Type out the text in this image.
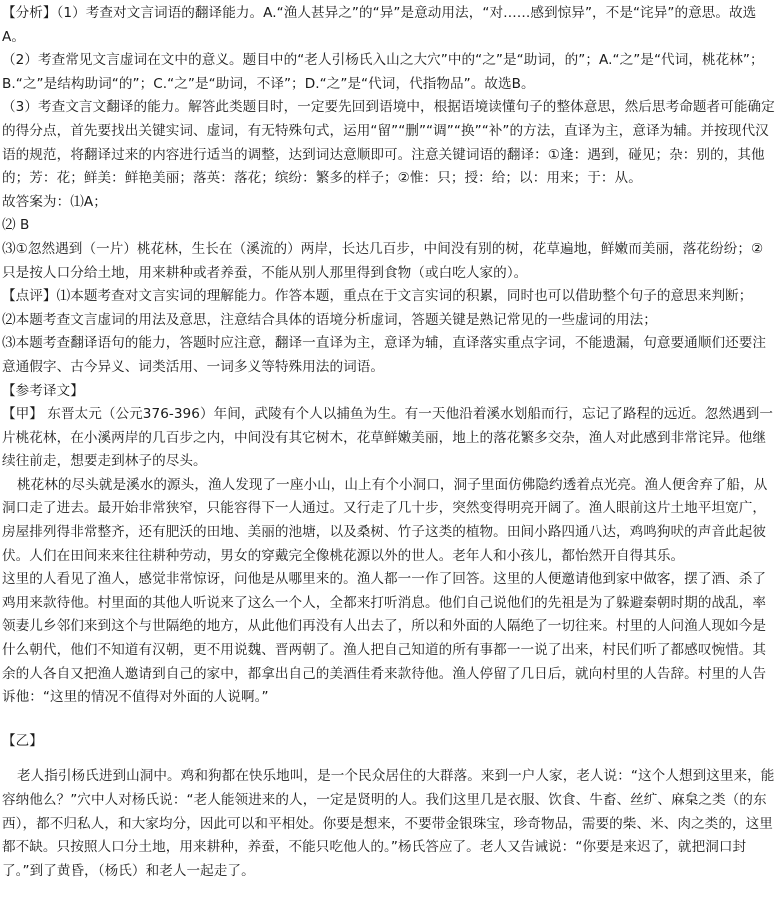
​

【分析】（1）考查对文言词语的翻译能力。A.“渔人甚异之”的“异”是意动用法，“对……感到惊异”，不是“诧异”的意思。故选A。

（2）考查常见文言虚词在文中的意义。题目中的“老人引杨氏入山之大穴”中的“之”是“助词，的”；A.“之”是“代词，桃花林”；B.“之”是结构助词“的”；C.“之”是“助词，不译”；D.“之”是“代词，代指物品”。故选B。

（3）考查文言文翻译的能力。解答此类题目时，一定要先回到语境中，根据语境读懂句子的整体意思，然后思考命题者可能确定的得分点，首先要找出关键实词、虚词，有无特殊句式，运用“留”“删”“调”“换”“补”的方法，直译为主，意译为辅。并按现代汉语的规范，将翻译过来的内容进行适当的调整，达到词达意顺即可。注意关键词语的翻译：①逢：遇到，碰见；杂：别的，其他的；芳：花；鲜美：鲜艳美丽；落英：落花；缤纷：繁多的样子；②惟：只；授：给；以：用来；于：从。

故答案为：⑴A；

⑵ B

⑶①忽然遇到（一片）桃花林，生长在（溪流的）两岸，长达几百步，中间没有别的树，花草遍地，鲜嫩而美丽，落花纷纷；②只是按人口分给土地，用来耕种或者养蚕，不能从别人那里得到食物（或白吃人家的）。

【点评】⑴本题考查对文言实词的理解能力。作答本题，重点在于文言实词的积累，同时也可以借助整个句子的意思来判断；

⑵本题考查文言虚词的用法及意思，注意结合具体的语境分析虚词，答题关键是熟记常见的一些虚词的用法；

⑶本题考查翻译语句的能力，答题时应注意，翻译一直译为主，意译为辅，直译落实重点字词，不能遗漏，句意要通顺们还要注意通假字、古今异义、词类活用、一词多义等特殊用法的词语。

【参考译文】

【甲】 东晋太元（公元376-396）年间，武陵有个人以捕鱼为生。有一天他沿着溪水划船而行，忘记了路程的远近。忽然遇到一片桃花林，在小溪两岸的几百步之内，中间没有其它树木，花草鲜嫩美丽，地上的落花繁多交杂，渔人对此感到非常诧异。他继续往前走，想要走到林子的尽头。

桃花林的尽头就是溪水的源头，渔人发现了一座小山，山上有个小洞口，洞子里面仿佛隐约透着点光亮。渔人便舍弃了船，从洞口走了进去。最开始非常狭窄，只能容得下一人通过。又行走了几十步，突然变得明亮开阔了。渔人眼前这片土地平坦宽广，房屋排列得非常整齐，还有肥沃的田地、美丽的池塘，以及桑树、竹子这类的植物。田间小路四通八达，鸡鸣狗吠的声音此起彼伏。人们在田间来来往往耕种劳动，男女的穿戴完全像桃花源以外的世人。老年人和小孩儿，都怡然开自得其乐。

这里的人看见了渔人，感觉非常惊讶，问他是从哪里来的。渔人都一一作了回答。这里的人便邀请他到家中做客，摆了酒、杀了鸡用来款待他。村里面的其他人听说来了这么一个人，全都来打听消息。他们自己说他们的先祖是为了躲避秦朝时期的战乱，率领妻儿乡邻们来到这个与世隔绝的地方，从此他们再没有人出去了，所以和外面的人隔绝了一切往来。村里的人问渔人现如今是什么朝代，他们不知道有汉朝，更不用说魏、晋两朝了。渔人把自己知道的所有事都一一说了出来，村民们听了都感叹惋惜。其余的人各自又把渔人邀请到自己的家中，都拿出自己的美酒佳肴来款待他。渔人停留了几日后，就向村里的人告辞。村里的人告诉他：“这里的情况不值得对外面的人说啊。”

【乙】

老人指引杨氏进到山洞中。鸡和狗都在快乐地叫，是一个民众居住的大群落。来到一户人家，老人说：“这个人想到这里来，能容纳他么？”穴中人对杨氏说：“老人能领进来的人，一定是贤明的人。我们这里几是衣服、饮食、牛畜、丝纩、麻枲之类（的东西），都不归私人，和大家均分，因此可以和平相处。你要是想来，不要带金银珠宝，珍奇物品，需要的柴、米、肉之类的，这里都不缺。只按照人口分土地，用来耕种，养蚕，不能只吃他人的。”杨氏答应了。老人又告诫说：“你要是来迟了，就把洞口封了。”到了黄昏，（杨氏）和老人一起走了。
